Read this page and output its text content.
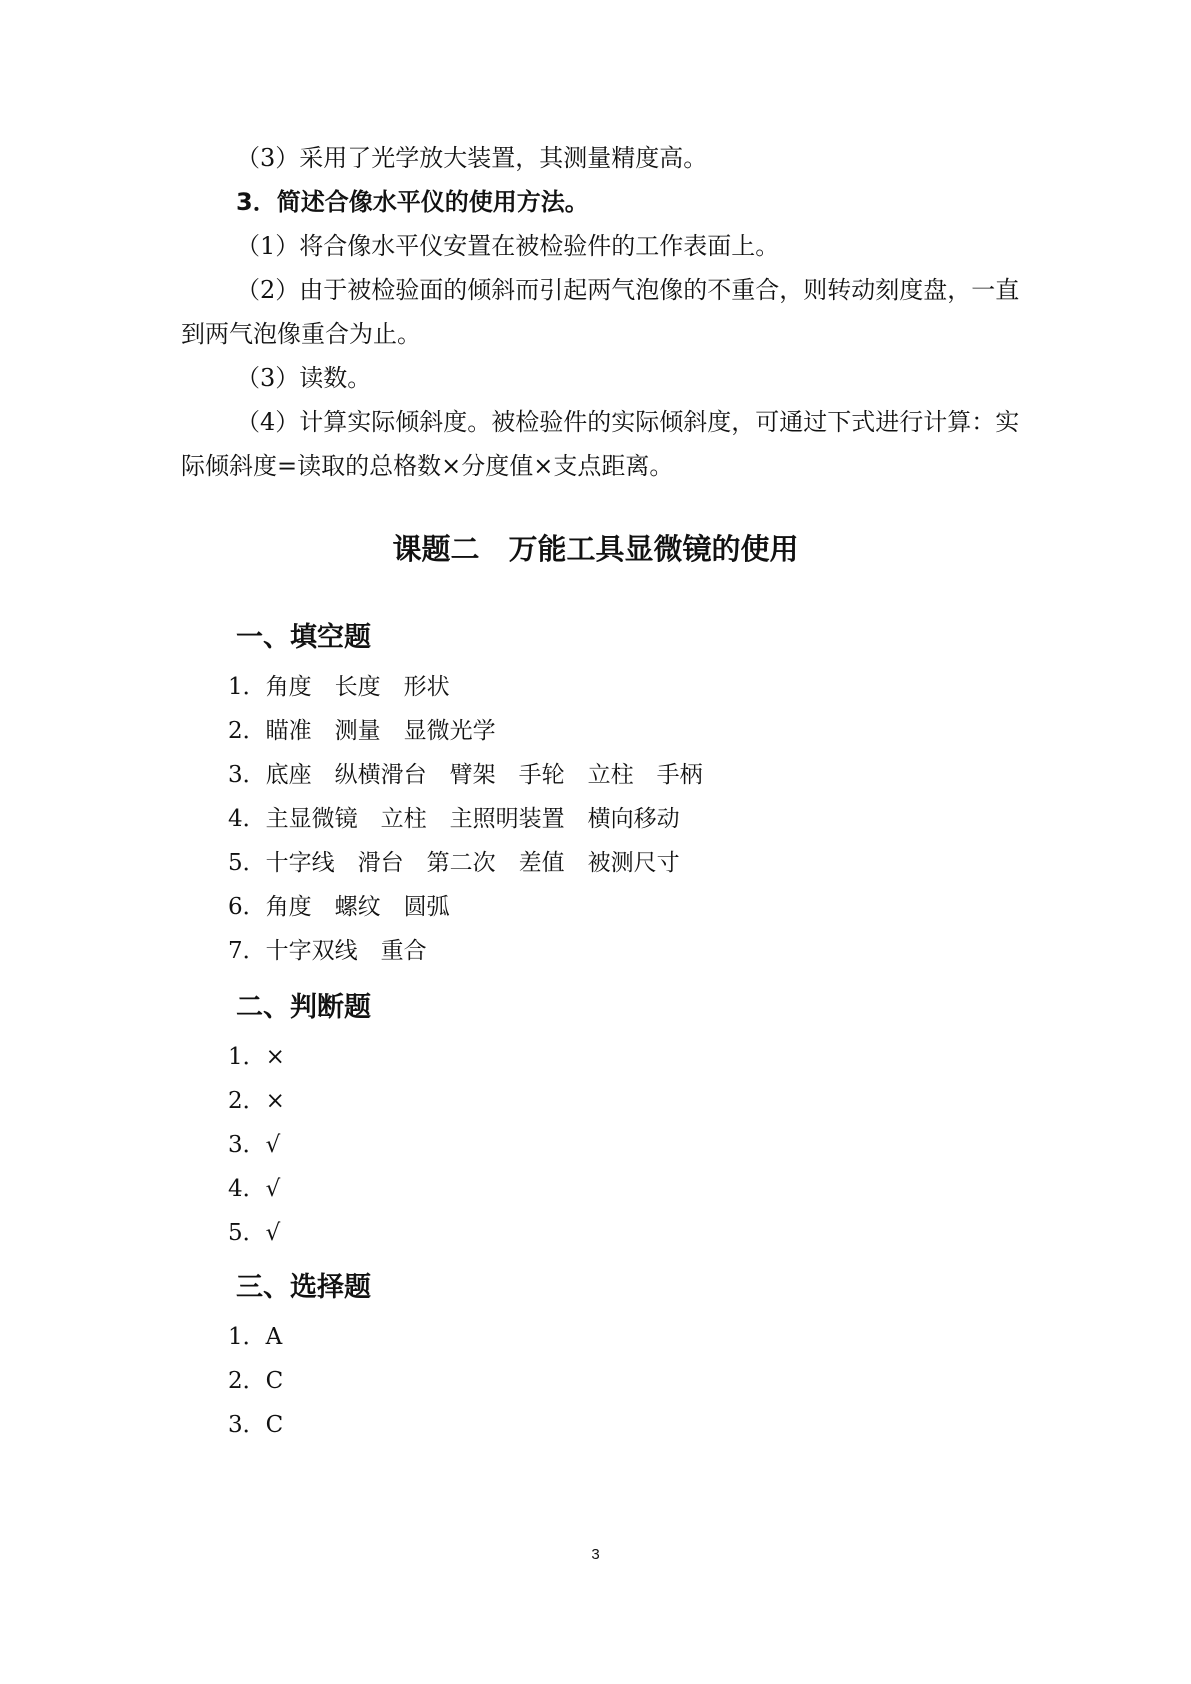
（3）采用了光学放大装置，其测量精度高。
3．简述合像水平仪的使用方法。
（1）将合像水平仪安置在被检验件的工作表面上。
（2）由于被检验面的倾斜而引起两气泡像的不重合，则转动刻度盘，一直
到两气泡像重合为止。
（3）读数。
（4）计算实际倾斜度。被检验件的实际倾斜度，可通过下式进行计算：实
际倾斜度=读取的总格数×分度值×支点距离。
课题二　万能工具显微镜的使用
一、填空题
1．角度　长度　形状
2．瞄准　测量　显微光学
3．底座　纵横滑台　臂架　手轮　立柱　手柄
4．主显微镜　立柱　主照明装置　横向移动
5．十字线　滑台　第二次　差值　被测尺寸
6．角度　螺纹　圆弧
7．十字双线　重合
二、判断题
1．×
2．×
3．√
4．√
5．√
三、选择题
1．A
2．C
3．C
3
